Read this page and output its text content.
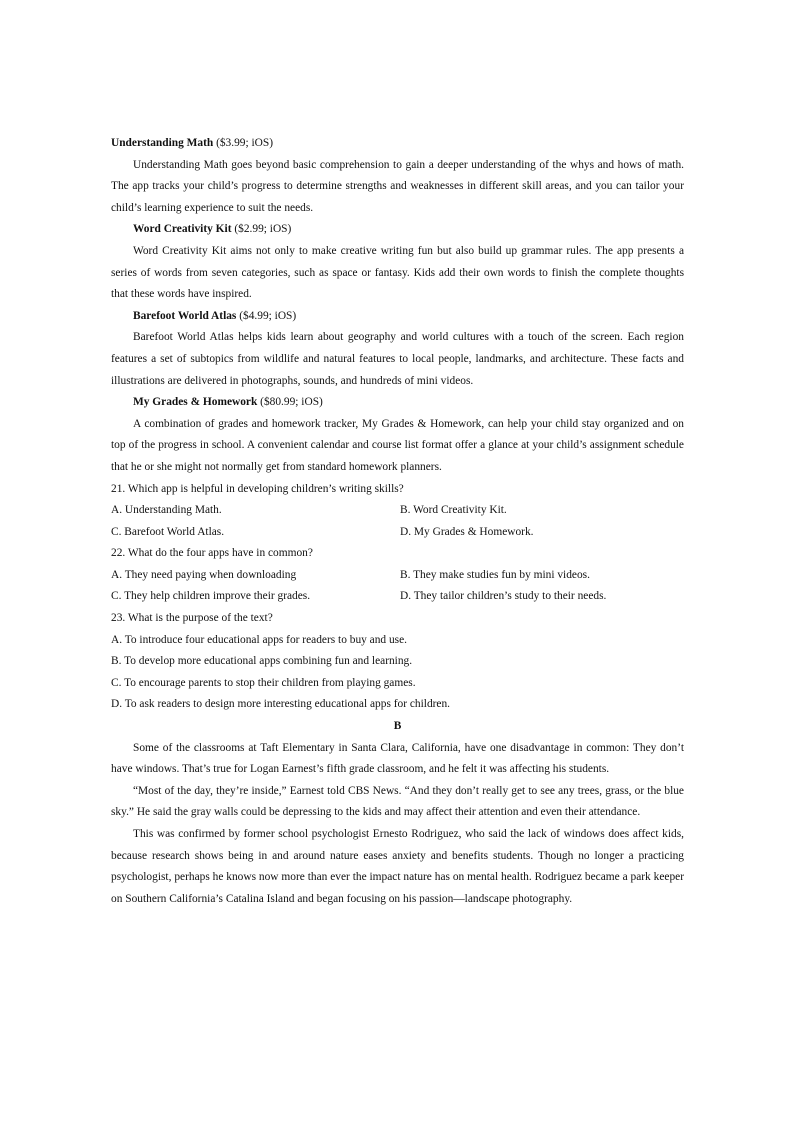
Understanding Math ($3.99; iOS)

Understanding Math goes beyond basic comprehension to gain a deeper understanding of the whys and hows of math. The app tracks your child’s progress to determine strengths and weaknesses in different skill areas, and you can tailor your child’s learning experience to suit the needs.

Word Creativity Kit ($2.99; iOS)

Word Creativity Kit aims not only to make creative writing fun but also build up grammar rules. The app presents a series of words from seven categories, such as space or fantasy. Kids add their own words to finish the complete thoughts that these words have inspired.

Barefoot World Atlas ($4.99; iOS)

Barefoot World Atlas helps kids learn about geography and world cultures with a touch of the screen. Each region features a set of subtopics from wildlife and natural features to local people, landmarks, and architecture. These facts and illustrations are delivered in photographs, sounds, and hundreds of mini videos.

My Grades & Homework ($80.99; iOS)

A combination of grades and homework tracker, My Grades & Homework, can help your child stay organized and on top of the progress in school. A convenient calendar and course list format offer a glance at your child’s assignment schedule that he or she might not normally get from standard homework planners.

21. Which app is helpful in developing children’s writing skills?

A. Understanding Math.	B. Word Creativity Kit.
C. Barefoot World Atlas.	D. My Grades & Homework.

22. What do the four apps have in common?

A. They need paying when downloading	B. They make studies fun by mini videos.
C. They help children improve their grades.	D. They tailor children’s study to their needs.

23. What is the purpose of the text?

A. To introduce four educational apps for readers to buy and use.

B. To develop more educational apps combining fun and learning.

C. To encourage parents to stop their children from playing games.

D. To ask readers to design more interesting educational apps for children.

B

Some of the classrooms at Taft Elementary in Santa Clara, California, have one disadvantage in common: They don’t have windows. That’s true for Logan Earnest’s fifth grade classroom, and he felt it was affecting his students.

“Most of the day, they’re inside,” Earnest told CBS News. “And they don’t really get to see any trees, grass, or the blue sky.” He said the gray walls could be depressing to the kids and may affect their attention and even their attendance.

This was confirmed by former school psychologist Ernesto Rodriguez, who said the lack of windows does affect kids, because research shows being in and around nature eases anxiety and benefits students. Though no longer a practicing psychologist, perhaps he knows now more than ever the impact nature has on mental health. Rodriguez became a park keeper on Southern California’s Catalina Island and began focusing on his passion—landscape photography.
